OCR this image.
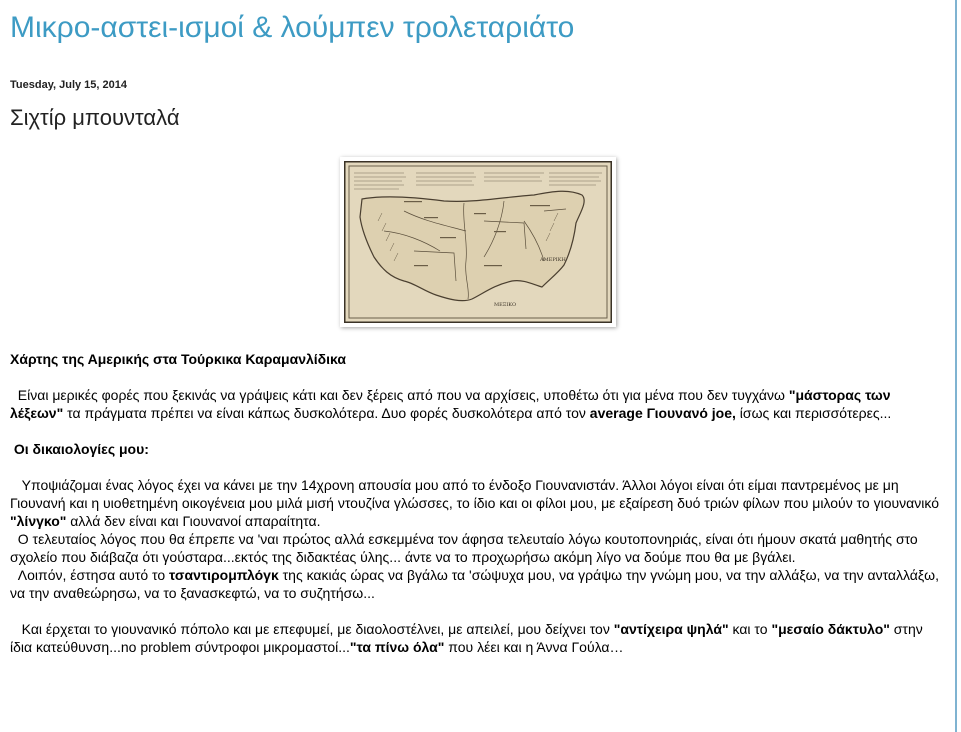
Μικρο-αστει-ισμοί & λούμπεν τρολεταριάτο
Tuesday, July 15, 2014
Σιχτίρ μπουνταλά
ΑΜΕΡΙΚΗ
ΜΕΞΙΚΟ

Χάρτης της Αμερικής στα Τούρκικα Καραμανλίδικα

Είναι μερικές φορές που ξεκινάς να γράψεις κάτι και δεν ξέρεις από που να αρχίσεις, υποθέτω ότι για μένα που δεν τυγχάνω "μάστορας των λέξεων" τα πράγματα πρέπει να είναι κάπως δυσκολότερα. Δυο φορές δυσκολότερα από τον average Γιουνανό joe, ίσως και περισσότερες...

Οι δικαιολογίες μου:

Υποψιάζομαι ένας λόγος έχει να κάνει με την 14χρονη απουσία μου από το ένδοξο Γιουνανιστάν. Άλλοι λόγοι είναι ότι είμαι παντρεμένος με μη Γιουνανή και η υιοθετημένη οικογένεια μου μιλά μισή ντουζίνα γλώσσες, το ίδιο και οι φίλοι μου, με εξαίρεση δυό τριών φίλων που μιλούν το γιουνανικό "λίνγκο" αλλά δεν είναι και Γιουνανοί απαραίτητα.

Ο τελευταίος λόγος που θα έπρεπε να 'ναι πρώτος αλλά εσκεμμένα τον άφησα τελευταίο λόγω κουτοπονηριάς, είναι ότι ήμουν σκατά μαθητής στο σχολείο που διάβαζα ότι γούσταρα...εκτός της διδακτέας ύλης... άντε να το προχωρήσω ακόμη λίγο να δούμε που θα με βγάλει.

Λοιπόν, έστησα αυτό το τσαντιρομπλόγκ της κακιάς ώρας να βγάλω τα 'σώψυχα μου, να γράψω την γνώμη μου, να την αλλάξω, να την ανταλλάξω, να την αναθεώρησω, να το ξανασκεφτώ, να το συζητήσω...

Και έρχεται το γιουνανικό πόπολο και με επεφυμεί, με διαολοστέλνει, με απειλεί, μου δείχνει τον "αντίχειρα ψηλά" και το "μεσαίο δάκτυλο" στην ίδια κατεύθυνση...no problem σύντροφοι μικρομαστοί..."τα πίνω όλα" που λέει και η Άννα Γούλα…
